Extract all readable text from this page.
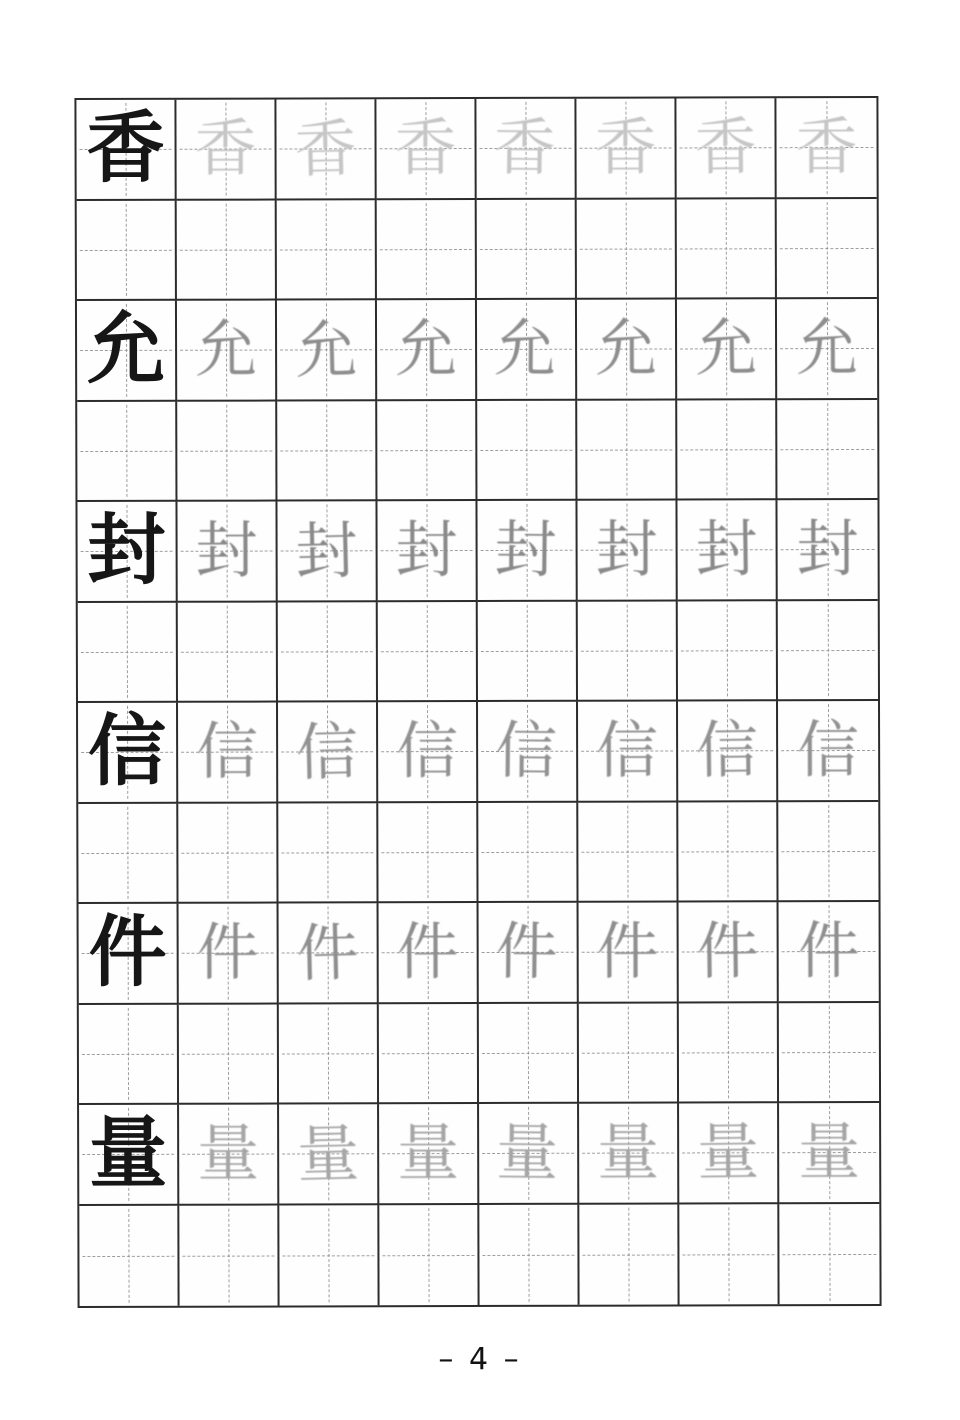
香 香 香 香 香 香 香 香
允 允 允 允 允 允 允 允
封 封 封 封 封 封 封 封
信 信 信 信 信 信 信 信
件 件 件 件 件 件 件 件
量 量 量 量 量 量 量 量
– 4 –
